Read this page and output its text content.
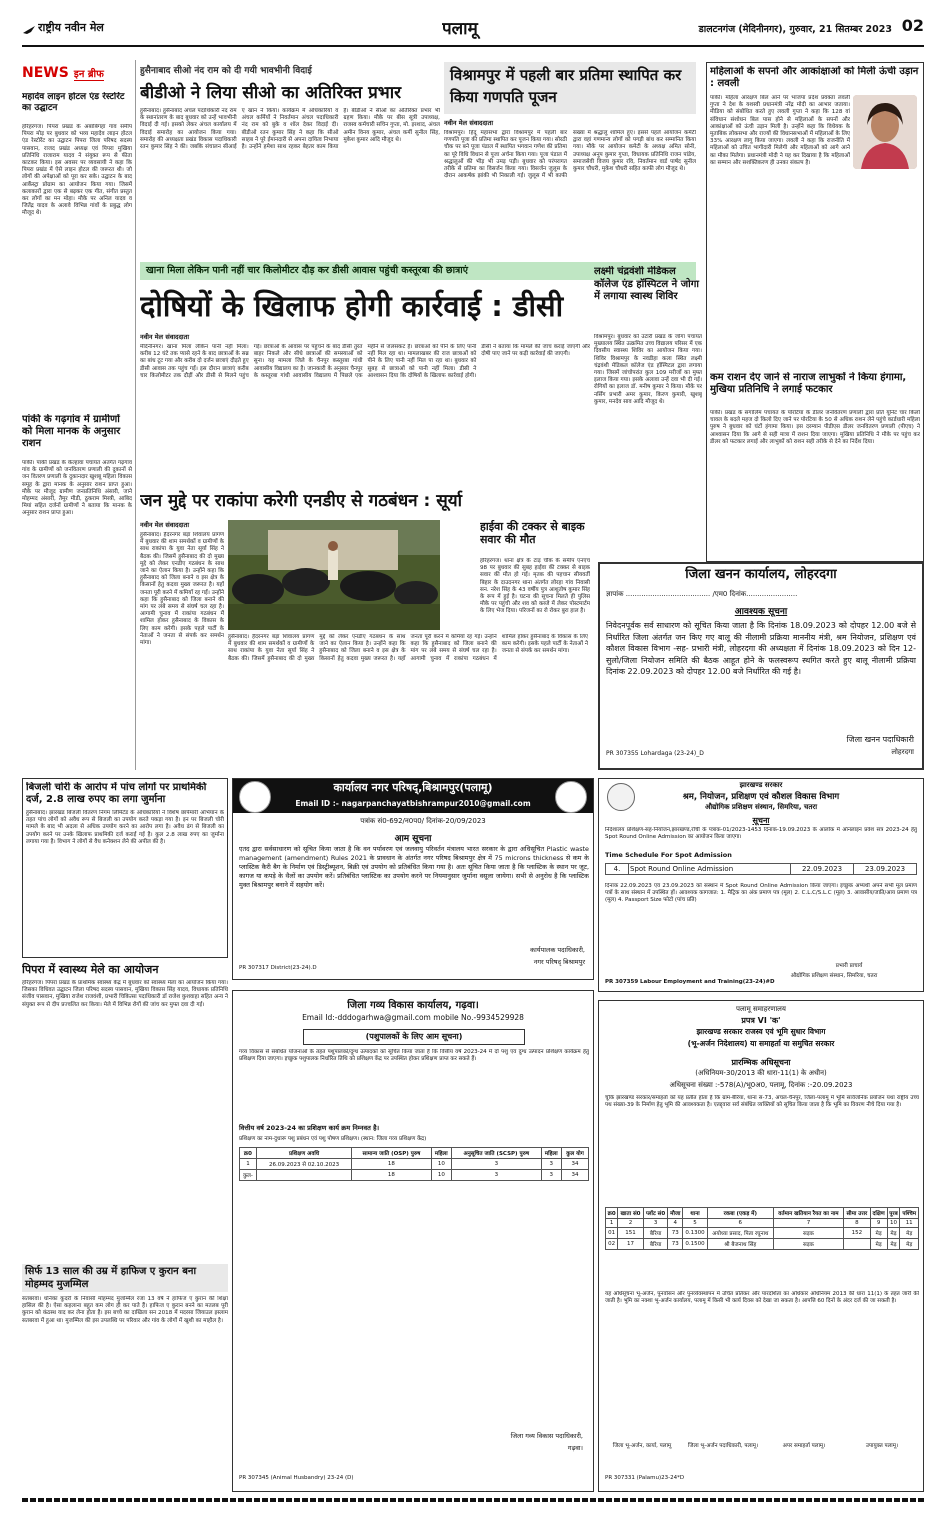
राष्ट्रीय नवीन मेल	पलामू	डालटनगंज (मेदिनीनगर), गुरुवार, 21 सितम्बर 2023 02
NEWS इन ब्रीफ
महादेव लाइन होटल एंड रेस्टोरेंट का उद्घाटन
हरिहरगंज। पिपरा प्रखंड के अंबाबिगहा गांव समीप पिपरा मोड़ पर बुधवार को भव्य महादेव लाइन होटल एंड रेस्टोरेंट का उद्घाटन पिपरा जिला परिषद सदस्य पासवान, राजद प्रखंड अध्यक्ष एवं पिपरा मुखिया प्रतिनिधि राजाराम यादव ने संयुक्त रूप से फीता काटकर किया। इस अवसर पर व्यवसायी ने कहा कि पिपरा प्रखंड में ऐसे लाइन होटल की जरूरत थी। जो लोगों की अपेक्षाओं को पूरा कर सके। उद्घाटन के बाद आर्केस्ट्रा प्रोग्राम का आयोजन किया गया। जिसमें कलाकारों द्वारा एक से बढ़कर एक गीत, संगीत प्रस्तुत कर लोगों का मन मोहा। मौके पर अनिल यादव व जितेंद्र यादव के अलावे विभिन्न गांवों के प्रबुद्ध लोग मौजूद थे।
पांकी के गढ़गांव में ग्रामीणों को मिला मानक के अनुसार राशन
पांकी। पांकी प्रखंड के केल्हावा पंचायत अंतर्गत गढ़गांव गांव के ग्रामीणों को जनवितरण प्रणाली की दुकानों से जन वितरण प्रणाली के दुकानदार खुशबू महिला विकास समूह के द्वारा मानक के अनुसार राशन प्राप्त हुआ। मौके पर मौजूद ग्रामीण जनप्रतिनिधि अंसारी, जाने मोहम्मद अंसारी, तैमुर मीडी, ठुकराम मिस्त्री, आबिद मियां सहित दर्जनों ग्रामीणों ने बताया कि मानक के अनुसार राशन प्राप्त हुआ।
हुसैनाबाद सीओ नंद राम को दी गयी भावभीनी विदाई
बीडीओ ने लिया सीओ का अतिरिक्त प्रभार
हुसैनाबाद। हुसैनाबाद अंचल पदाधिकारी नंद राम के स्थानांतरण के बाद बुधवार को उन्हें भावभीनी विदाई दी गई। इसको लेकर अंचल कार्यालय में विदाई समारोह का आयोजन किया गया। समारोह की अध्यक्षता प्रखंड विकास पदाधिकारी रतन कुमार सिंह ने की। जबकि संचालन सीआई ए खान ने किया। कार्यक्रम में अधिकारियों व अंचल कर्मियों ने निवर्तमान अंचल पदाधिकारी नंद राम को बुके व शॉल देकर विदाई दी। बीडीओ रतन कुमार सिंह ने कहा कि सीओ साहब ने पूरे ईमानदारी से अपना दायित्व निभाया है। उन्होंने हमेशा साथ रहकर बेहतर काम किया है। बीडीओ ने सीओ का अतिरिक्त प्रभार भी ग्रहण किया। मौके पर बीस सूत्री उपाध्यक्ष, राजस्व कर्मचारी सचिन गुप्ता, मो. इरशाद, अंचल अमीन विनय कुमार, अंचल कर्मी सुनील सिंह, मुकेश कुमार आदि मौजूद थे।
विश्रामपुर में पहली बार प्रतिमा स्थापित कर किया गणपति पूजन
नवीन मेल संवाददाता
विश्रामपुर। हिंदू महासभा द्वारा विश्रामपुर में पहली बार गणपति पूजा की प्रतिमा स्थापित कर पूजन किया गया। सोरठी चौक पर बने पूजा पंडाल में स्थापित भगवान गणेश की प्रतिमा का पूरे विधि विधान से पूजा अर्चना किया गया। पूजा पंडाल में श्रद्धालुओं की भीड़ भी उमड़ पड़ी। बुधवार को परंपरागत तरीके से प्रतिमा का विसर्जन किया गया। विसर्जन जुलूस के दौरान आकर्षक झांकी भी निकाली गई। जुलूस में भी काफी संख्या में श्रद्धालु शामिल हुए। इससे पहले आयोजन कमेटी द्वारा वहां गणमान्य लोगों को पगड़ी बांध कर सम्मानित किया गया। मौके पर आयोजन कमेटी के अध्यक्ष अमित सोनी, उपाध्यक्ष अनूप कुमार गुप्ता, विधायक प्रतिनिधि राजन पांडेय, समाजसेवी विजय कुमार रवि, निवर्तमान वार्ड पार्षद सुनील कुमार चौधरी, मुकेश चौधरी सहित काफी लोग मौजूद थे।
महिलाओं के सपनो और आकांक्षाओं को मिली ऊंची उड़ान : लवली
पांकी। महिला आरक्षण बिल आने पर भाजपा प्रदेश प्रवक्ता लवली गुप्ता ने देश के यशस्वी प्रधानमंत्री नरेंद्र मोदी का आभार जताया। मीडिया को संबोधित करते हुए लवली गुप्ता ने कहा कि 128 वां संविधान संशोधन बिल पास होने से महिलाओं के सपनों और आकांक्षाओं को ऊंची उड़ान मिली है। उन्होंने कहा कि विधेयक के मुताबिक लोकसभा और राज्यों की विधानसभाओं में महिलाओं के लिए 33% आरक्षण लागू किया जाएगा। लवली ने कहा कि राजनीति में महिलाओं को उचित भागीदारी मिलेगी और महिलाओं को आगे आने का मौका मिलेगा। प्रधानमंत्री मोदी ने यह कर दिखाया है कि महिलाओं का सम्मान और सशक्तिकरण ही उनका संकल्प है।
खाना मिला लेकिन पानी नहीं चार किलोमीटर दौड़ कर डीसी आवास पहुंची कस्तूरबा की छात्राएं
दोषियों के खिलाफ होगी कार्रवाई : डीसी
नवीन मेल संवाददाता
मेदिनीनगर। खाना मिला लेकिन पानी नहीं मिला। करीब 12 घंटे तक प्यासे रहने के बाद छात्राओं के सब्र का बांध टूट गया और करीब दो दर्जन छात्राएं दौड़ते हुए डीसी आवास तक पहुंच गईं। इस दौरान छात्राएं करीब चार किलोमीटर तक दौड़ीं और डीसी से मिलने पहुंच गईं। छात्राओं के आवास पर पहुंचने के बाद डीसी तुरंत बाहर निकले और सीधे छात्राओं की समस्याओं को सुना। यह मामला जिले के चैनपुर कस्तूरबा गांधी आवासीय विद्यालय का है। जानकारी के अनुसार चैनपुर के कस्तूरबा गांधी आवासीय विद्यालय में पिछले एक महीने से जलसंकट है। छात्राओं को पीने के लिए पानी नहीं मिल रहा था। मामलाखबर की राज छात्राओं को पीने के लिए पानी नहीं मिल पा रहा था। बुधवार को सुबह से छात्राओं को पानी नहीं मिला। डीसी ने आश्वासन दिया कि दोषियों के खिलाफ कार्रवाई होगी। डीसी ने बताया कि मामले की जांच कराई जाएगी और दोषी पाए जाने पर कड़ी कार्रवाई की जाएगी।
लक्ष्मी चंद्रवंशी मेडिकल कॉलेज एंड हॉस्पिटल ने जोगा में लगाया स्वास्थ शिविर
विश्रामपुर। बुधवार को उंटारी प्रखंड के जोगा पंचायत मुख्यालय स्थित उत्क्रमित उच्च विद्यालय परिसर में एक दिवसीय स्वास्थ्य शिविर का आयोजन किया गया। शिविर विश्रामपुर के नवडीहा कला स्थित लक्ष्मी चंद्रवंशी मेडिकल कॉलेज एंड हॉस्पिटल द्वारा लगाया गया। जिसमें जांचोपरांत कुल 109 मरीजों का मुफ्त इलाज किया गया। इसके अलावा उन्हें दवा भी दी गई। रोगियों का इलाज डॉ. मनीष कुमार ने किया। मौके पर नर्सिंग प्रभारी अमर कुमार, किरण कुमारी, खुशबू कुमार, मनदेव साव आदि मौजूद थे।
कम राशन देए जाने से नाराज लाभुकों ने किया हंगामा, मुखिया प्रतिनिधि ने लगाई फटकार
पांकी। प्रखंड के सगालिम पंचायत के पोरटिया के डीलर जनवितरण प्रणाली द्वारा प्रति यूनिट चार किलो चावल के बदले महज दो किलो दिए जाने पर पोरटिया के 50 से अधिक राशन लेने पहुंचे कार्डधारी महिला पुरुष ने बुधवार को घंटों हंगामा किया। इस दरम्यान पीडीएस डीलर जनवितरण प्रणाली (पीएच) ने आश्वासन दिया कि आगे से सही मात्रा में राशन दिया जाएगा। मुखिया प्रतिनिधि ने मौके पर पहुंच कर डीलर को फटकार लगाई और लाभुकों को राशन सही तरीके से देने का निर्देश दिया।
जन मुद्दे पर राकांपा करेगी एनडीए से गठबंधन : सूर्या
नवीन मेल संवाददाता
हुसैनाबाद। हैदरनगर बड़ा शिवालय प्रांगण में बुधवार की शाम समर्थकों व ग्रामीणों के साथ राकांपा के युवा नेता सूर्या सिंह ने बैठक की। जिसमें हुसैनाबाद की दो मुख्य मुद्दे को लेकर एनडीए गठबंधन के साथ जाने का ऐलान किया है। उन्होंने कहा कि हुसैनाबाद को जिला बनाने व इस क्षेत्र के किसानों हेतु कदवा मुख्य जरूरत है। यहाँ जनता पूरी करने में कमियाँ रह गईं। उन्होंने कहा कि हुसैनाबाद को जिला बनाने की मांग पर लंबे समय से संघर्ष चल रहा है। आगामी चुनाव में राकांपा गठबंधन में शामिल होकर हुसैनाबाद के विकास के लिए काम करेगी। इसके पहले पार्टी के नेताओं ने जनता से संपर्क कर समर्थन मांगा।
हुसैनाबाद। हैदरनगर बड़ा शिवालय प्रांगण में बुधवार की शाम समर्थकों व ग्रामीणों के साथ राकांपा के युवा नेता सूर्या सिंह ने बैठक की। जिसमें हुसैनाबाद की दो मुख्य मुद्दे को लेकर एनडीए गठबंधन के साथ जाने का ऐलान किया है। उन्होंने कहा कि हुसैनाबाद को जिला बनाने व इस क्षेत्र के किसानों हेतु कदवा मुख्य जरूरत है। यहाँ जनता पूरी करने में कमियाँ रह गईं। उन्होंने कहा कि हुसैनाबाद को जिला बनाने की मांग पर लंबे समय से संघर्ष चल रहा है। आगामी चुनाव में राकांपा गठबंधन में शामिल होकर हुसैनाबाद के विकास के लिए काम करेगी। इसके पहले पार्टी के नेताओं ने जनता से संपर्क कर समर्थन मांगा।
हाईवा की टक्कर से बाइक सवार की मौत
हरिहरगंज। थाना क्षेत्र के टाड़ चौक के समीप एनएच 98 पर बुधवार की सुबह हाईवा की टक्कर से बाइक सवार की मौत हो गई। मृतक की पहचान सीयवर्ती बिहार के दाउदनगर थाना अंतर्गत लोरहा गांव निवासी सन. नरेश सिंह के 43 वर्षीय पुत्र आशुतोष कुमार सिंह के रूप में हुई है। घटना की सूचना मिलते ही पुलिस मौके पर पहुंची और शव को कब्जे में लेकर पोस्टमार्टम के लिए भेज दिया। परिजनों का रो रोकर बुरा हाल है।
जिला खनन कार्यालय, लोहरदगा
ज्ञापांक ...................................... /एम0 दिनांक.......................
आवश्यक सूचना
निवेदनपूर्वक सर्व साधारण को सूचित किया जाता है कि दिनांक 18.09.2023 को दोपहर 12.00 बजे से निर्धारित जिला अंतर्गत जन किए गए बालू की नीलामी प्रक्रिया माननीय मंत्री, श्रम नियोजन, प्रशिक्षण एवं कौशल विकास विभाग -सह- प्रभारी मंत्री, लोहरदगा की अध्यक्षता में दिनांक 18.09.2023 को दिन 12-सुलो/जिला नियोजन समिति की बैठक आहूत होने के फलस्वरूप स्थगित करते हुए बालू नीलामी प्रक्रिया दिनांक 22.09.2023 को दोपहर 12.00 बजे निर्धारित की गई है।
जिला खनन पदाधिकारी
लोहरदगा
PR 307355 Lohardaga (23-24)_D
बिजली चोरी के आरोप में पांच लोगों पर प्राथमिकी दर्ज, 2.8 लाख रुपए का लगा जुर्माना
हुसैनाबाद। झारखंड बिजली वितरण निगम लिमिटेड के अधिकारियों ने विशेष छापेमारी अभियान के तहत पांच लोगों को अवैध रूप से बिजली का उपयोग करते पकड़ा गया है। इन पर बिजली चोरी मामले के बाद भी अदला से अधिक उपयोग करने का आरोप लगा है। अवैध ढंग से बिजली का उपयोग करने पर उनके खिलाफ प्राथमिकी दर्ज कराई गई है। कुल 2.8 लाख रुपए का जुर्माना लगाया गया है। विभाग ने लोगों से वैध कनेक्शन लेने की अपील की है।
पिपरा में स्वास्थ्य मेले का आयोजन
हरिहरगंज। पिपरा प्रखंड के प्राथमिक स्वास्थ्य केंद्र में बुधवार को स्वास्थ्य मेला का आयोजन किया गया। जिसका विधिवत उद्घाटन जिला परिषद सदस्य पासवान, मुखिया विकास सिंह यादव, विधायक प्रतिनिधि संजीव पासवान, मुखिया राजेश राजवंशी, प्रभारी चिकित्सा पदाधिकारी डॉ राजेश कुशवाहा सहित अन्य ने संयुक्त रूप से दीप प्रज्वलित कर किया। मेले में विभिन्न रोगों की जांच कर मुफ्त दवा दी गई।
सिर्फ 13 साल की उम्र में हाफिज ए कुरान बना मोहम्मद मुजम्मिल
सतबरवा। धनिका कुदरी के निवासी मोहम्मद मुजम्मिल रजा 13 वर्ष ने हाफिज ए कुरान की शिक्षा हासिल की है। ऐसा कहलाना बहुत कम लोग ही कर पाते हैं। हाफिज ए कुरान बनने का मतलब पूरी कुरान को कंठस्थ याद कर लेना होता है। इस बच्चे का दाखिला सन 2018 में मदरसा जियाउल इस्लाम सतबरवा में हुआ था। मुजम्मिल की इस उपलब्धि पर परिवार और गांव के लोगों में खुशी का माहौल है।
कार्यालय नगर परिषद्,बिश्रामपुर(पलामू)
Email ID :- nagarpanchayatbishrampur2010@gmail.com
पत्रांक सं0-692/न0प0/ दिनांक-20/09/2023
आम सूचना
एतद द्वारा सर्वसाधारण को सूचित किया जाता है कि वन पर्यावरण एवं जलवायु परिवर्तन मंत्रालय भारत सरकार के द्वारा अधिसूचित Plastic waste management (amendment) Rules 2021 के प्रावधान के अंतर्गत नगर परिषद बिश्रामपुर क्षेत्र में 75 microns thickness से कम के प्लास्टिक कैरी बैग के निर्माण एवं डिस्ट्रीब्यूशन, बिक्री एवं उपयोग को प्रतिबंधित किया गया है। अतः सूचित किया जाता है कि प्लास्टिक के स्थान पर जूट, कागज या कपड़े के थैलों का उपयोग करें। प्रतिबंधित प्लास्टिक का उपयोग करने पर नियमानुसार जुर्माना वसूला जायेगा। सभी से अनुरोध है कि प्लास्टिक मुक्त बिश्रामपुर बनाने में सहयोग करें।
कार्यपालक पदाधिकारी,
नगर परिषद् बिश्रामपुर
PR 307317 District(23-24).D
झारखण्ड सरकार
श्रम, नियोजन, प्रशिक्षण एवं कौशल विकास विभाग
औद्योगिक प्रशिक्षण संस्थान, सिमरिया, चतरा
सूचना
निदेशालय प्रशिक्षण-सह-नियोजन,झारखण्ड,राँची के पत्रांक-01/2023-1453 दिनांक-19.09.2023 के आलोक में ऑनलाइन प्रवेश सत्र 2023-24 हेतु Spot Round Online Admission का आयोजन किया जाएगा।
Time Schedule For Spot Admission
4.	Spot Round Online Admission	22.09.2023	23.09.2023
दिनांक 22.09.2023 एवं 23.09.2023 को संस्थान में Spot Round Online Admission किया जाएगा। इच्छुक अभ्यर्थी अपने सभी मूल प्रमाण पत्रों के साथ संस्थान में उपस्थित हों। आवश्यक कागजात: 1. मैट्रिक का अंक प्रमाण पत्र (मूल) 2. C.L.C/S.L.C (मूल) 3. आवासीय/जाति/आय प्रमाण पत्र (मूल) 4. Passport Size फोटो (पांच प्रति)
प्रभारी प्राचार्य
औद्योगिक प्रशिक्षण संस्थान, सिमरिया, चतरा
PR 307359 Labour Employment and Training(23-24)#D
जिला गव्य विकास कार्यालय, गढ़वा।
Email Id:-dddogarhwa@gmail.com mobile No.-9934529928
(पशुपालकों के लिए आम सूचना)
गव्य विकास से संबंधित योजनाओं के तहत पशुपालकों/दुग्ध उत्पादकों को सूचित किया जाता है कि वित्तीय वर्ष 2023-24 में दो पशु एवं दुग्ध उत्पादन प्रशिक्षण कार्यक्रम हेतु प्रशिक्षण दिया जाएगा। इच्छुक पशुपालक निर्धारित तिथि को प्रशिक्षण केंद्र पर उपस्थित होकर प्रशिक्षण प्राप्त कर सकते हैं।
वित्तीय वर्ष 2023-24 का प्रशिक्षण कार्य क्रम निम्नवत है।
प्रशिक्षण का नाम-दुधारू पशु प्रबंधन एवं पशु पोषण प्रशिक्षण। (स्थान: जिला गव्य प्रशिक्षण केंद्र)
क्र0	प्रशिक्षण अवधि	सामान्य जाति (OSP) पुरुष	महिला	अनुसूचित जाति (SCSP) पुरुष	महिला	कुल योग
1	26.09.2023 से 02.10.2023	18	10	3	3	34
कुल-		18	10	3	3	34
जिला गव्य विकास पदाधिकारी,
गढ़वा।
PR 307345 (Animal Husbandry) 23-24 (D)
पलामू समाहरणालय
प्रपत्र VI 'क'
झारखण्ड सरकार राजस्व एवं भूमि सुधार विभाग
(भू-अर्जन निदेशालय) या समाहर्ता या समुचित सरकार
प्रारम्भिक अधिसूचना
(अधिनियम-30/2013 की धारा-11(1) के अधीन)
अधिसूचना संख्या :-578(A)/भू0अ0, पलामू, दिनांक :-20.09.2023
चूंकि झारखण्ड सरकार/समाहर्ता को यह प्रतीत होता है कि ग्राम-बैरिया, थाना सं-73, अंचल-चैनपुर, जिला-पलामू में भूमि सार्वजनिक प्रयोजन यथा राष्ट्रीय उच्च पथ संख्या-39 के निर्माण हेतु भूमि की आवश्यकता है। एतद्द्वारा सर्व संबंधित व्यक्तियों को सूचित किया जाता है कि भूमि का विवरण नीचे दिया गया है।
क्र0	खाता सं0	प्लॉट सं0	मौजा	थाना	रकबा (एकड़ में)	वर्तमान खतियान रैयत का नाम	सीमा उत्तर	दक्षिण	पूरब	पश्चिम
1	2	3	4	5	6	7	8	9	10	11
01	151	बैरिया	73	0.1300	अयोध्या प्रसाद, पिता रघुनाथ	सड़क	152	मेड़	मेड़	मेड़
02	17	बैरिया	73	0.1500	श्री बैजनाथ सिंह	सड़क		मेड़	मेड़	मेड़
यह अधिसूचना भू-अर्जन, पुनर्वासन और पुनर्व्यवस्थापन में उचित प्रतिकर और पारदर्शिता का अधिकार अधिनियम 2013 की धारा 11(1) के तहत जारी की जाती है। भूमि का नक्शा भू-अर्जन कार्यालय, पलामू में किसी भी कार्य दिवस को देखा जा सकता है। आपत्ति 60 दिनों के अंदर दर्ज की जा सकती है।
जिला भू-अर्जन, कार्या, पलामू	जिला भू-अर्जन पदाधिकारी, पलामू।	अपर समाहर्ता पलामू।	उपायुक्त पलामू।
PR 307331 (Palamu)23-24*D
